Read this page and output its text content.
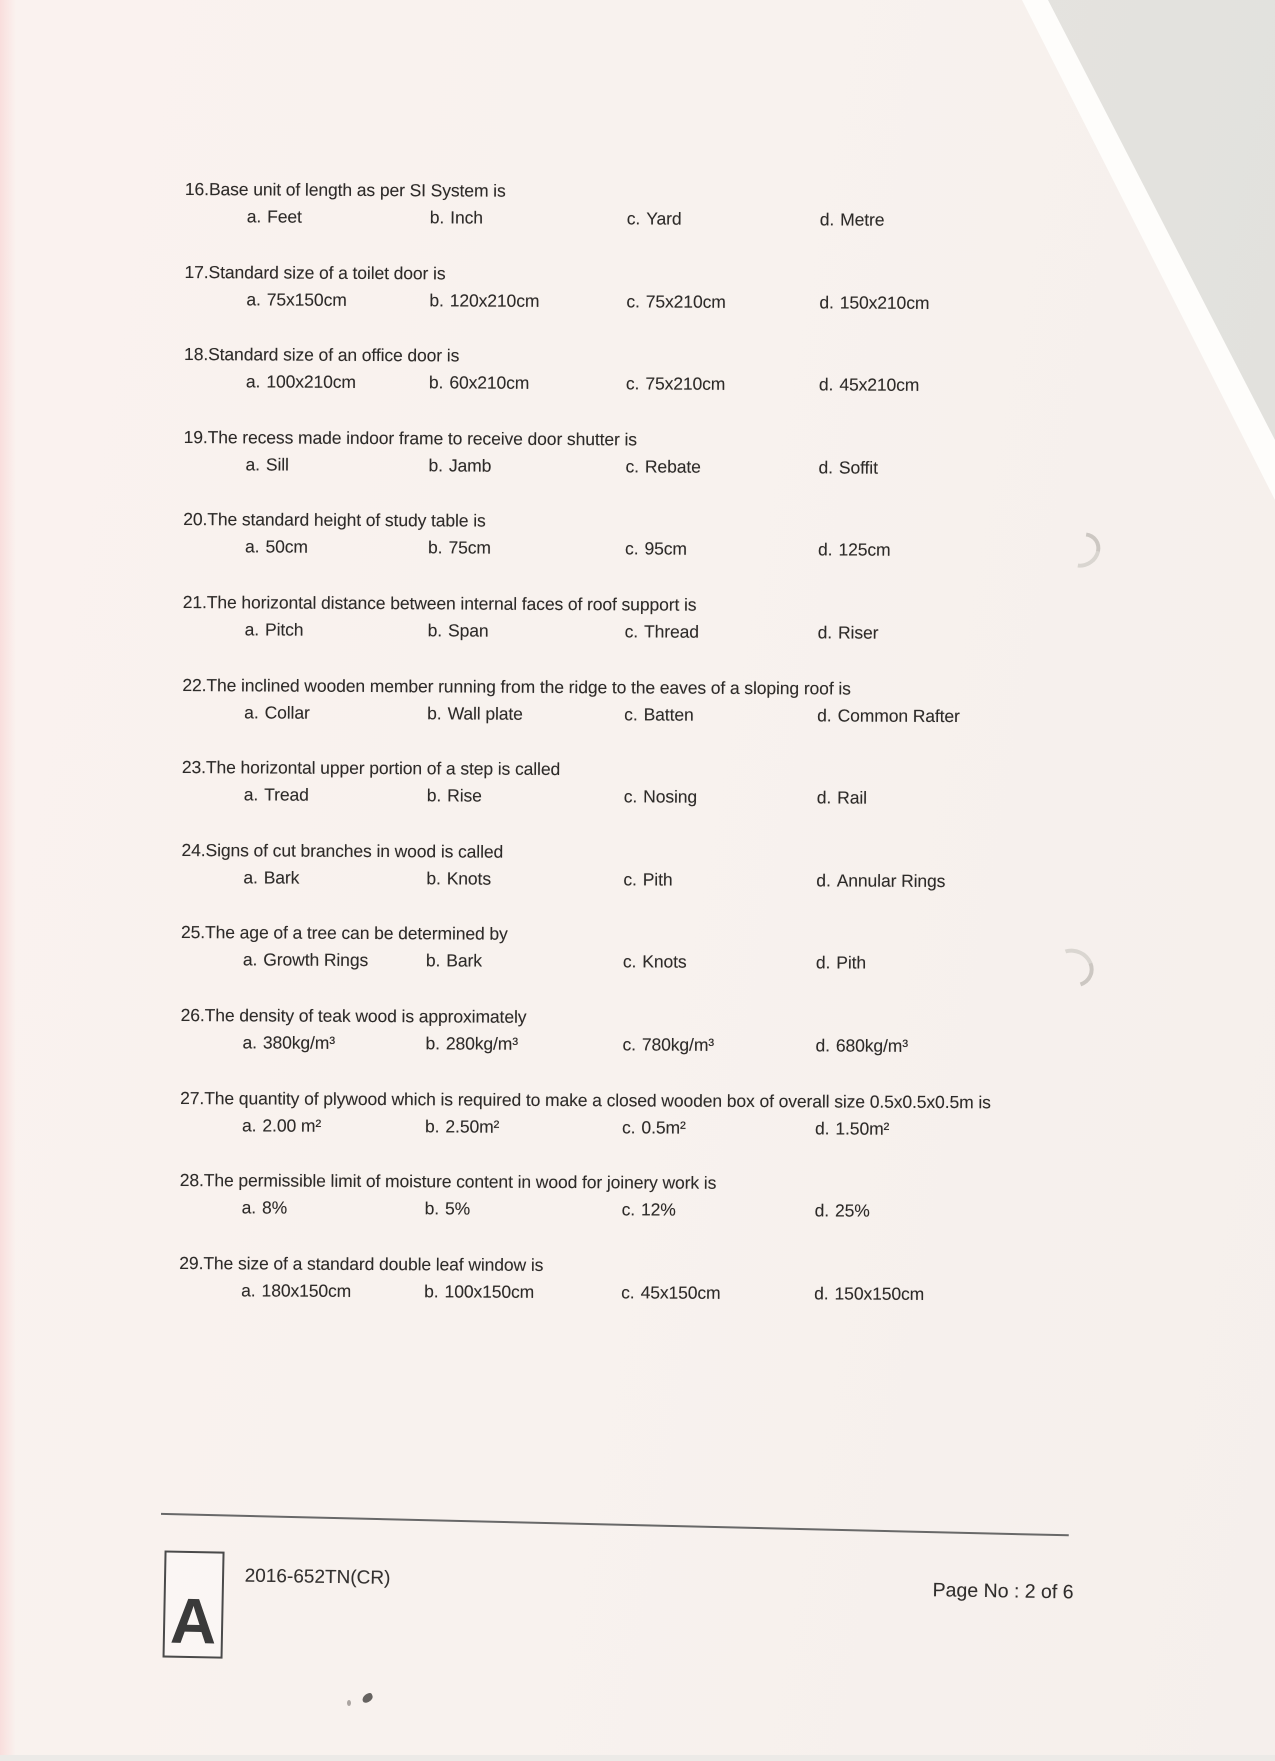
16.Base unit of length as per SI System is
a. Feet	b. Inch	c. Yard	d. Metre
17.Standard size of a toilet door is
a. 75x150cm	b. 120x210cm	c. 75x210cm	d. 150x210cm
18.Standard size of an office door is
a. 100x210cm	b. 60x210cm	c. 75x210cm	d. 45x210cm
19.The recess made indoor frame to receive door shutter is
a. Sill	b. Jamb	c. Rebate	d. Soffit
20.The standard height of study table is
a. 50cm	b. 75cm	c. 95cm	d. 125cm
21.The horizontal distance between internal faces of roof support is
a. Pitch	b. Span	c. Thread	d. Riser
22.The inclined wooden member running from the ridge to the eaves of a sloping roof is
a. Collar	b. Wall plate	c. Batten	d. Common Rafter
23.The horizontal upper portion of a step is called
a. Tread	b. Rise	c. Nosing	d. Rail
24.Signs of cut branches in wood is called
a. Bark	b. Knots	c. Pith	d. Annular Rings
25.The age of a tree can be determined by
a. Growth Rings	b. Bark	c. Knots	d. Pith
26.The density of teak wood is approximately
a. 380kg/m³	b. 280kg/m³	c. 780kg/m³	d. 680kg/m³
27.The quantity of plywood which is required to make a closed wooden box of overall size 0.5x0.5x0.5m is
a. 2.00 m²	b. 2.50m²	c. 0.5m²	d. 1.50m²
28.The permissible limit of moisture content in wood for joinery work is
a. 8%	b. 5%	c. 12%	d. 25%
29.The size of a standard double leaf window is
a. 180x150cm	b. 100x150cm	c. 45x150cm	d. 150x150cm
A
2016-652TN(CR)
Page No : 2 of 6
